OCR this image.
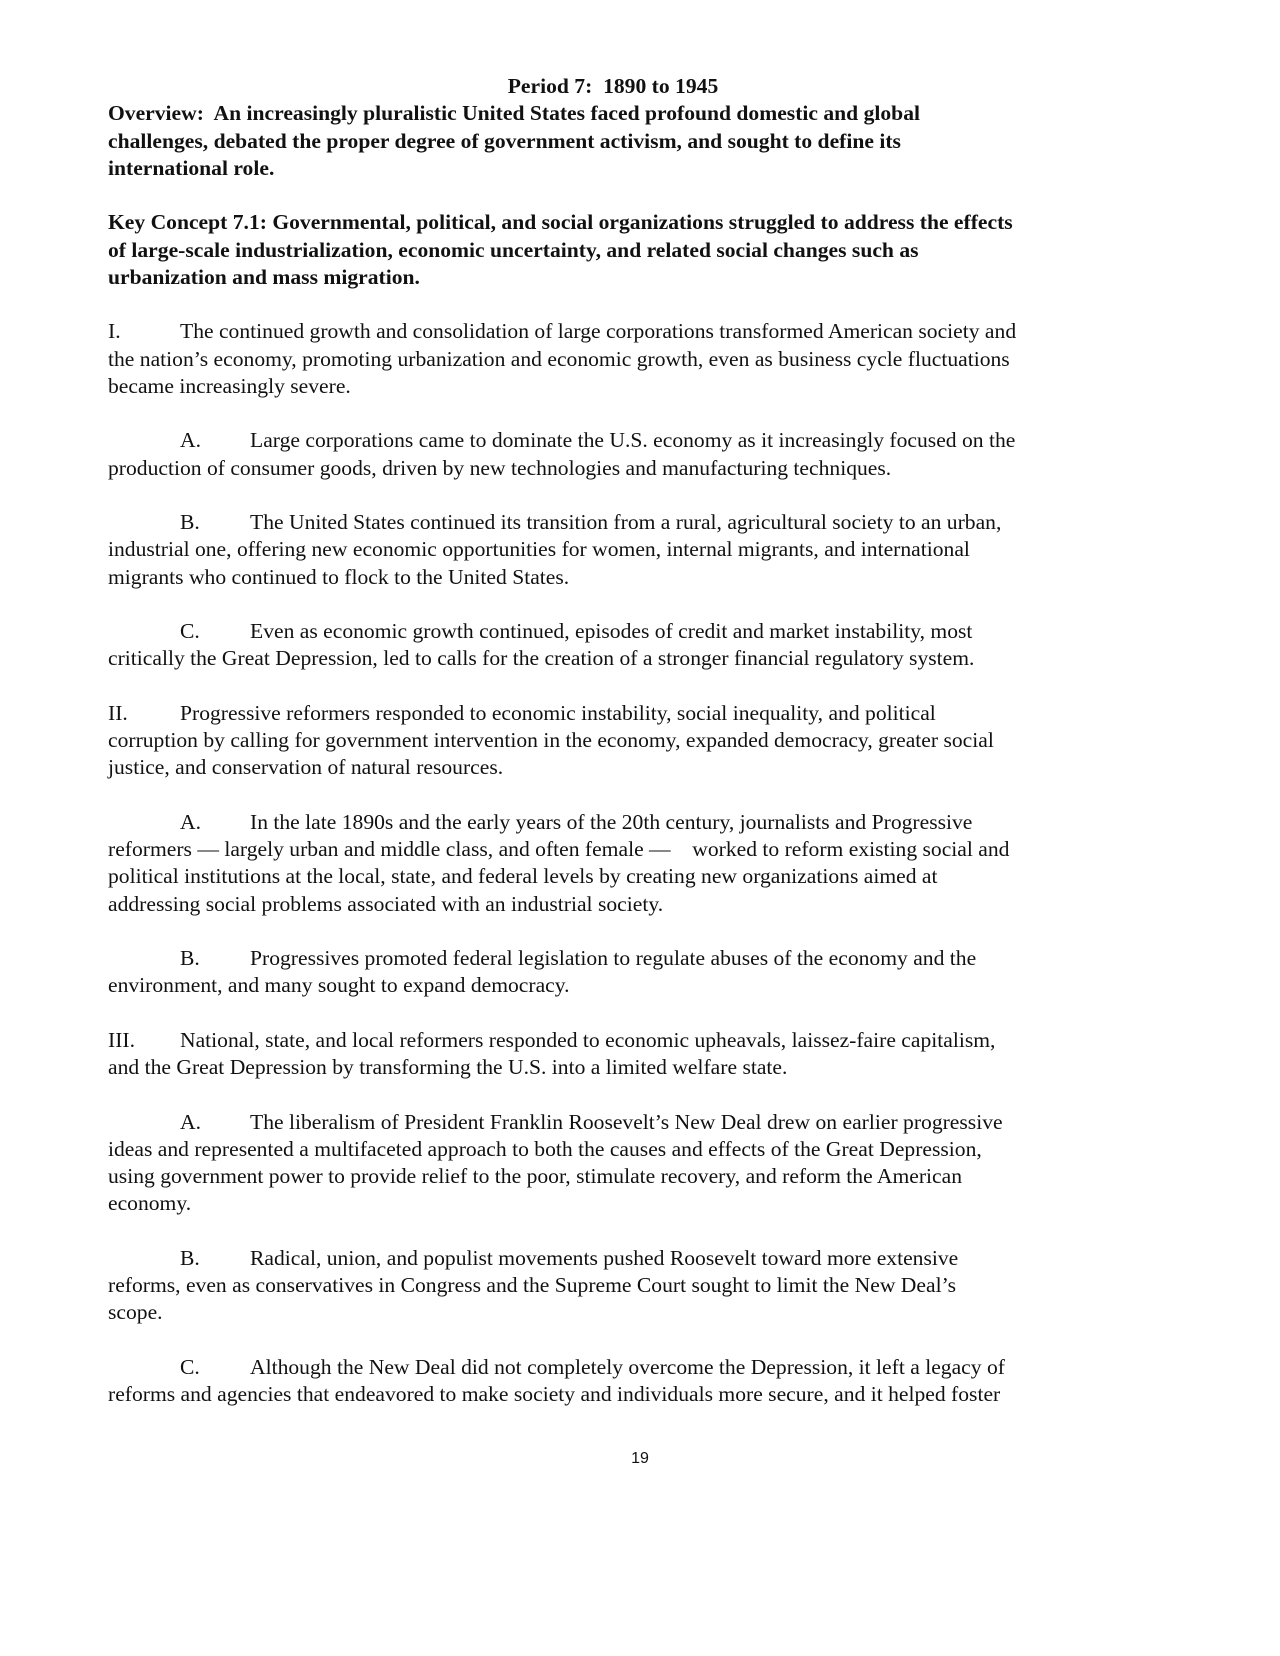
Period 7:  1890 to 1945
Overview:  An increasingly pluralistic United States faced profound domestic and global
challenges, debated the proper degree of government activism, and sought to define its
international role.
Key Concept 7.1: Governmental, political, and social organizations struggled to address the effects
of large-scale industrialization, economic uncertainty, and related social changes such as
urbanization and mass migration.
I.	The continued growth and consolidation of large corporations transformed American society and
the nation’s economy, promoting urbanization and economic growth, even as business cycle fluctuations
became increasingly severe.
A. Large corporations came to dominate the U.S. economy as it increasingly focused on the
production of consumer goods, driven by new technologies and manufacturing techniques.
B. The United States continued its transition from a rural, agricultural society to an urban,
industrial one, offering new economic opportunities for women, internal migrants, and international
migrants who continued to flock to the United States.
C. Even as economic growth continued, episodes of credit and market instability, most
critically the Great Depression, led to calls for the creation of a stronger financial regulatory system.
II. Progressive reformers responded to economic instability, social inequality, and political
corruption by calling for government intervention in the economy, expanded democracy, greater social
justice, and conservation of natural resources.
A. In the late 1890s and the early years of the 20th century, journalists and Progressive
reformers — largely urban and middle class, and often female —    worked to reform existing social and
political institutions at the local, state, and federal levels by creating new organizations aimed at
addressing social problems associated with an industrial society.
B. Progressives promoted federal legislation to regulate abuses of the economy and the
environment, and many sought to expand democracy.
III. National, state, and local reformers responded to economic upheavals, laissez-faire capitalism,
and the Great Depression by transforming the U.S. into a limited welfare state.
A. The liberalism of President Franklin Roosevelt’s New Deal drew on earlier progressive
ideas and represented a multifaceted approach to both the causes and effects of the Great Depression,
using government power to provide relief to the poor, stimulate recovery, and reform the American
economy.
B. Radical, union, and populist movements pushed Roosevelt toward more extensive
reforms, even as conservatives in Congress and the Supreme Court sought to limit the New Deal’s
scope.
C. Although the New Deal did not completely overcome the Depression, it left a legacy of
reforms and agencies that endeavored to make society and individuals more secure, and it helped foster
19
